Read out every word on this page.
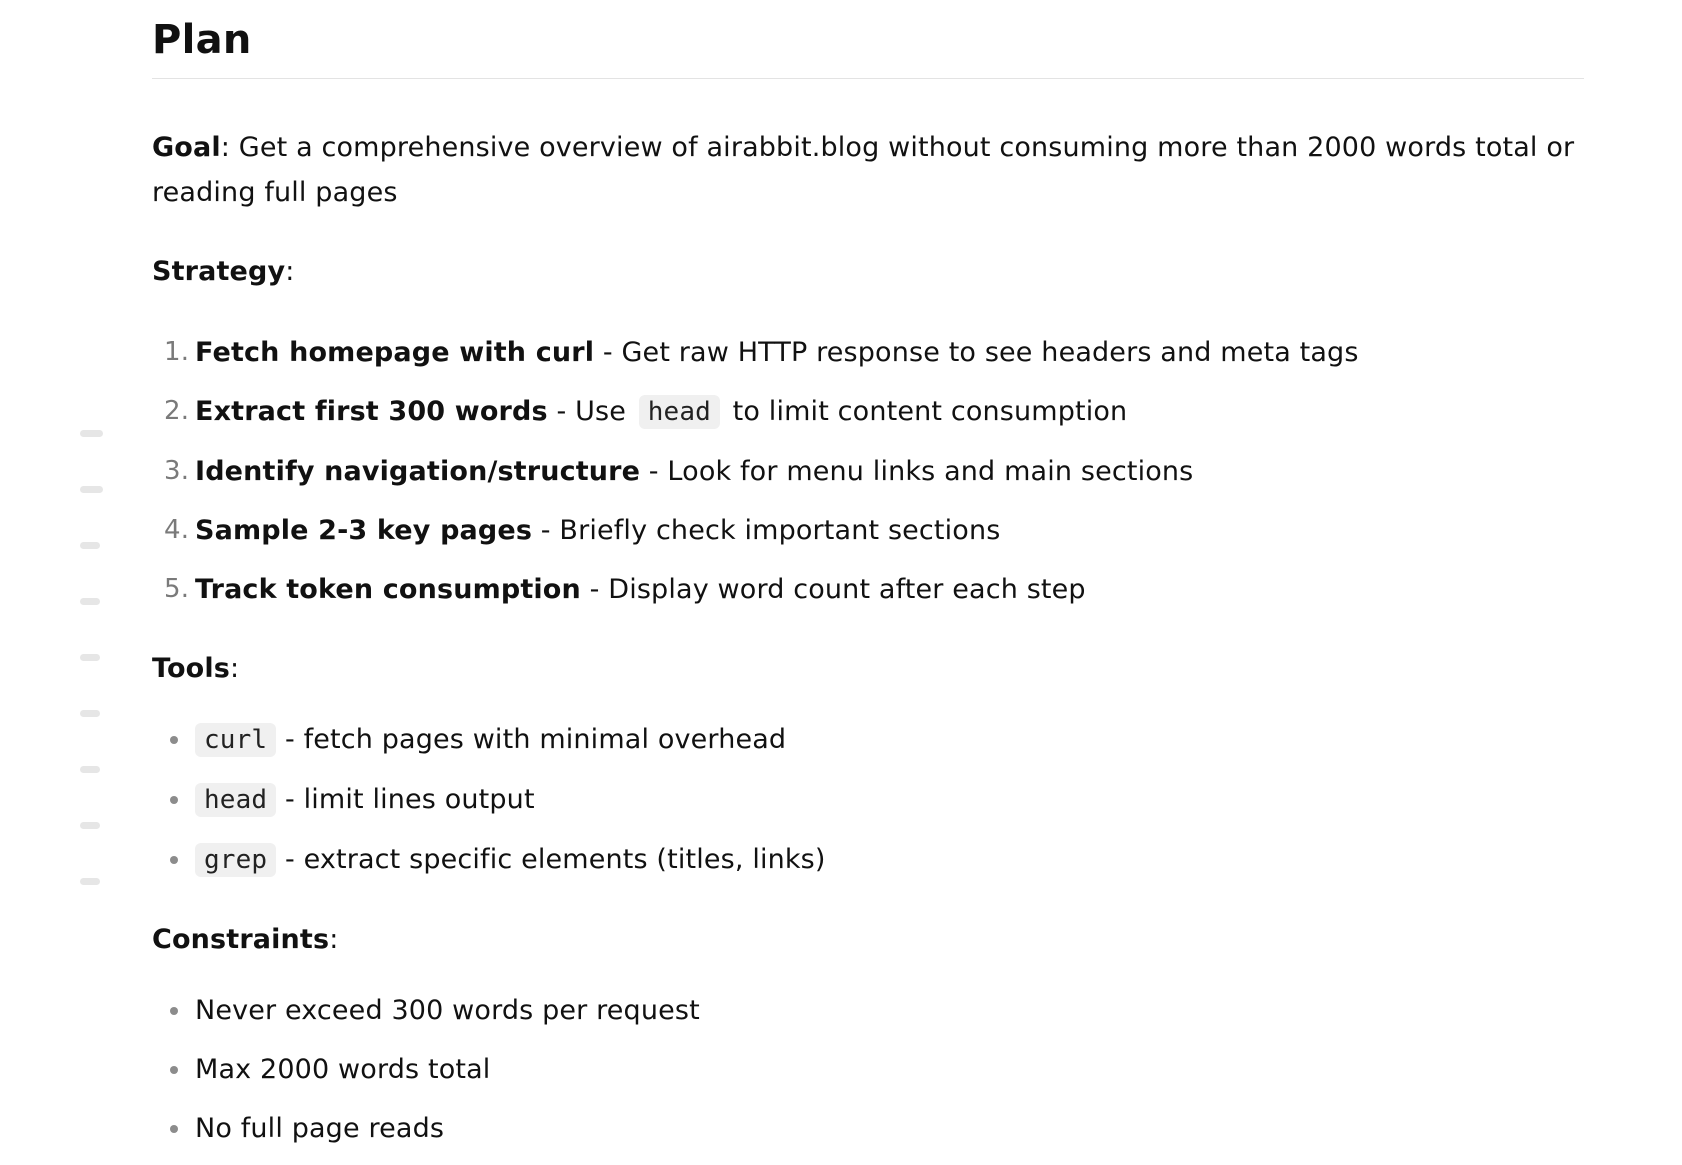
Plan

Goal: Get a comprehensive overview of airabbit.blog without consuming more than 2000 words total or reading full pages

Strategy:

1. Fetch homepage with curl - Get raw HTTP response to see headers and meta tags
2. Extract first 300 words - Use head to limit content consumption
3. Identify navigation/structure - Look for menu links and main sections
4. Sample 2-3 key pages - Briefly check important sections
5. Track token consumption - Display word count after each step

Tools:

curl - fetch pages with minimal overhead
head - limit lines output
grep - extract specific elements (titles, links)

Constraints:

Never exceed 300 words per request
Max 2000 words total
No full page reads
